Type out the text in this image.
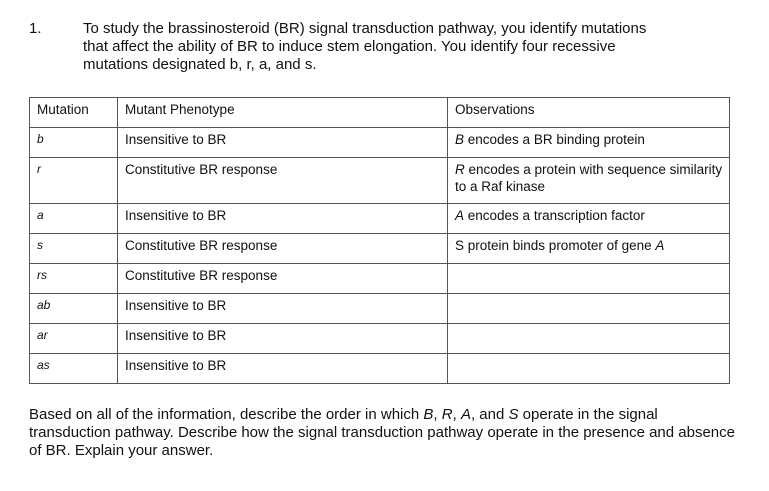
1.	To study the brassinosteroid (BR) signal transduction pathway, you identify mutations
that affect the ability of BR to induce stem elongation. You identify four recessive
mutations designated b, r, a, and s.

Mutation	Mutant Phenotype	Observations
b	Insensitive to BR	B encodes a BR binding protein
r	Constitutive BR response	R encodes a protein with sequence similarity to a Raf kinase
a	Insensitive to BR	A encodes a transcription factor
s	Constitutive BR response	S protein binds promoter of gene A
rs	Constitutive BR response	
ab	Insensitive to BR	
ar	Insensitive to BR	
as	Insensitive to BR	

Based on all of the information, describe the order in which B, R, A, and S operate in the signal transduction pathway. Describe how the signal transduction pathway operate in the presence and absence of BR. Explain your answer.
